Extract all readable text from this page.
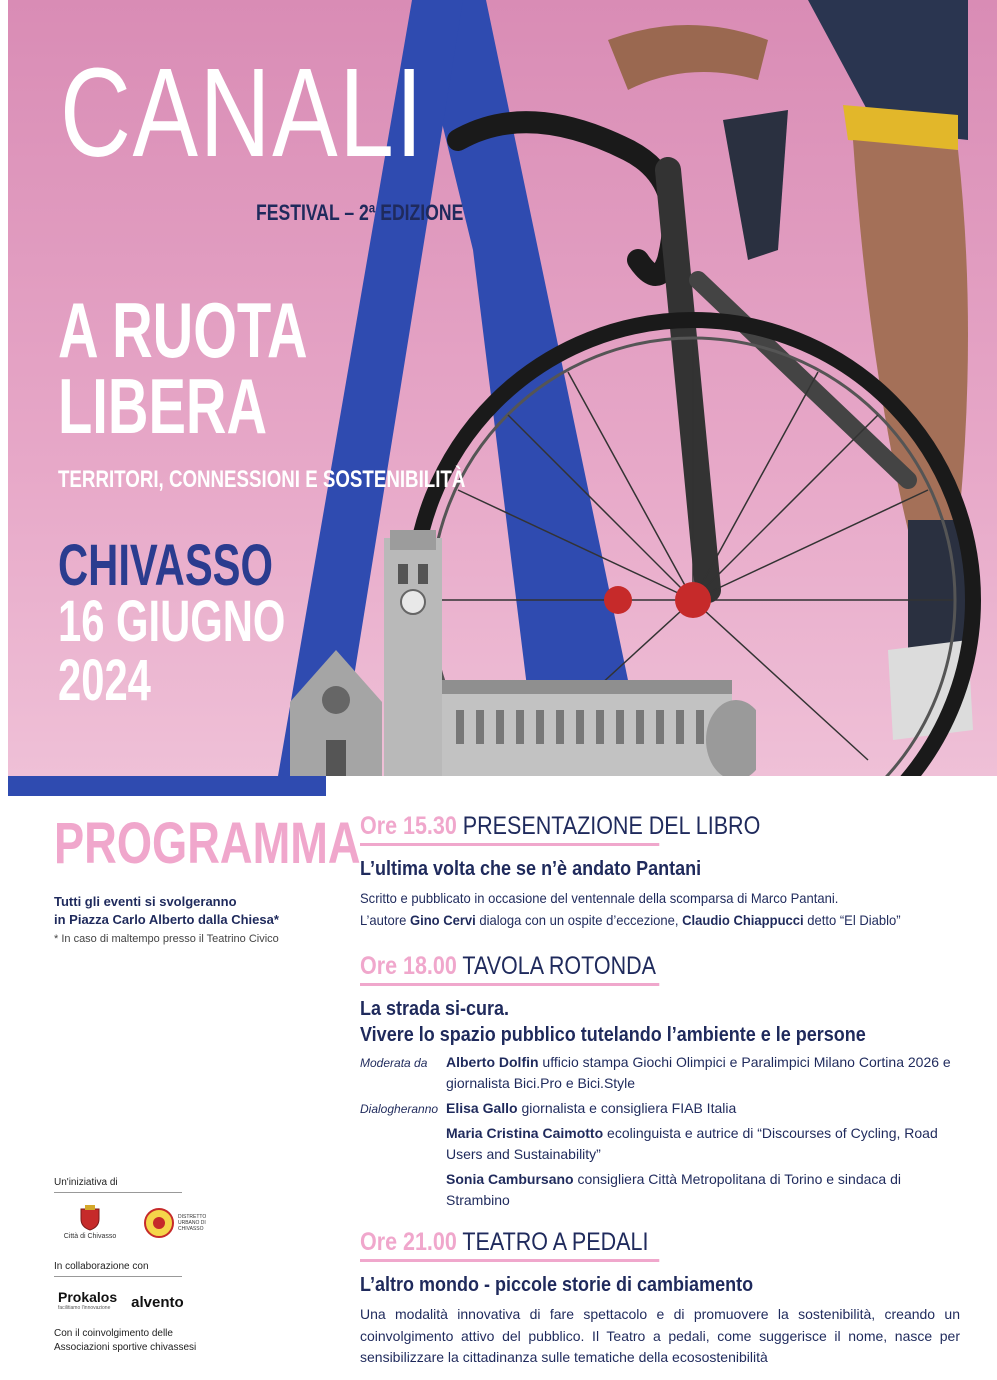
CANALI
FESTIVAL – 2ª EDIZIONE
A RUOTA
LIBERA
TERRITORI, CONNESSIONI E SOSTENIBILITÀ
CHIVASSO
16 GIUGNO
2024
PROGRAMMA
Tutti gli eventi si svolgeranno
in Piazza Carlo Alberto dalla Chiesa*
* In caso di maltempo presso il Teatrino Civico
Un'iniziativa di
Città di Chivasso
DISTRETTO URBANO DI CHIVASSO
In collaborazione con
Prokalos
facilitiamo l'innovazione	alvento
Con il coinvolgimento delle
Associazioni sportive chivassesi
Ore 15.30 PRESENTAZIONE DEL LIBRO
L’ultima volta che se n’è andato Pantani
Scritto e pubblicato in occasione del ventennale della scomparsa di Marco Pantani.
L’autore Gino Cervi dialoga con un ospite d’eccezione, Claudio Chiappucci detto “El Diablo”
Ore 18.00 TAVOLA ROTONDA
La strada si-cura.
Vivere lo spazio pubblico tutelando l’ambiente e le persone
Moderata da	Alberto Dolfin ufficio stampa Giochi Olimpici e Paralimpici Milano Cortina 2026 e giornalista Bici.Pro e Bici.Style
Dialogheranno Elisa Gallo giornalista e consigliera FIAB Italia
Maria Cristina Caimotto ecolinguista e autrice di “Discourses of Cycling, Road Users and Sustainability”
Sonia Cambursano consigliera Città Metropolitana di Torino e sindaca di Strambino
Ore 21.00 TEATRO A PEDALI
L’altro mondo - piccole storie di cambiamento
Una modalità innovativa di fare spettacolo e di promuovere la sostenibilità, creando un coinvolgimento attivo del pubblico. Il Teatro a pedali, come suggerisce il nome, nasce per sensibilizzare la cittadinanza sulle tematiche della ecosostenibilità
